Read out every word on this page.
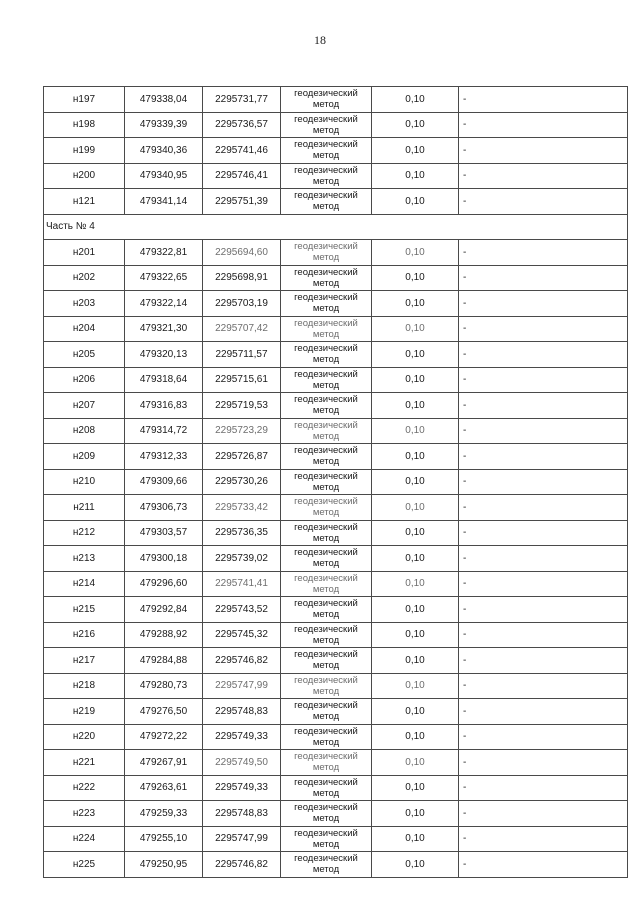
18
н197	479338,04	2295731,77	геодезический метод	0,10	-
н198	479339,39	2295736,57	геодезический метод	0,10	-
н199	479340,36	2295741,46	геодезический метод	0,10	-
н200	479340,95	2295746,41	геодезический метод	0,10	-
н121	479341,14	2295751,39	геодезический метод	0,10	-
Часть № 4					
н201	479322,81	2295694,60	геодезический метод	0,10	-
н202	479322,65	2295698,91	геодезический метод	0,10	-
н203	479322,14	2295703,19	геодезический метод	0,10	-
н204	479321,30	2295707,42	геодезический метод	0,10	-
н205	479320,13	2295711,57	геодезический метод	0,10	-
н206	479318,64	2295715,61	геодезический метод	0,10	-
н207	479316,83	2295719,53	геодезический метод	0,10	-
н208	479314,72	2295723,29	геодезический метод	0,10	-
н209	479312,33	2295726,87	геодезический метод	0,10	-
н210	479309,66	2295730,26	геодезический метод	0,10	-
н211	479306,73	2295733,42	геодезический метод	0,10	-
н212	479303,57	2295736,35	геодезический метод	0,10	-
н213	479300,18	2295739,02	геодезический метод	0,10	-
н214	479296,60	2295741,41	геодезический метод	0,10	-
н215	479292,84	2295743,52	геодезический метод	0,10	-
н216	479288,92	2295745,32	геодезический метод	0,10	-
н217	479284,88	2295746,82	геодезический метод	0,10	-
н218	479280,73	2295747,99	геодезический метод	0,10	-
н219	479276,50	2295748,83	геодезический метод	0,10	-
н220	479272,22	2295749,33	геодезический метод	0,10	-
н221	479267,91	2295749,50	геодезический метод	0,10	-
н222	479263,61	2295749,33	геодезический метод	0,10	-
н223	479259,33	2295748,83	геодезический метод	0,10	-
н224	479255,10	2295747,99	геодезический метод	0,10	-
н225	479250,95	2295746,82	геодезический метод	0,10	-
